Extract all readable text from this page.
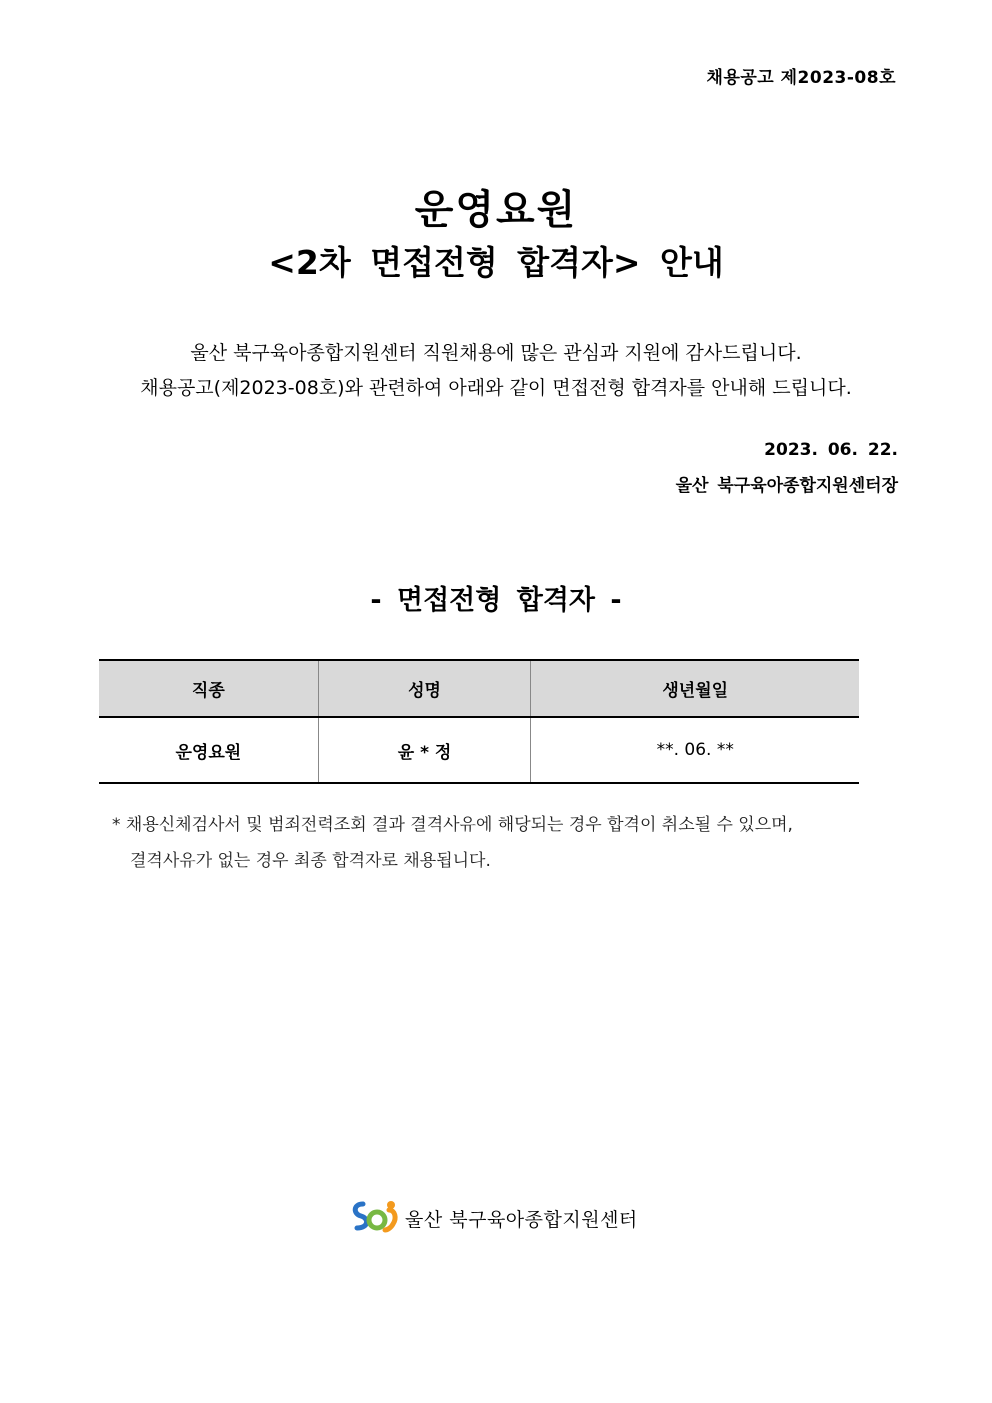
채용공고 제2023-08호
운영요원
<2차 면접전형 합격자> 안내
울산 북구육아종합지원센터 직원채용에 많은 관심과 지원에 감사드립니다.
채용공고(제2023-08호)와 관련하여 아래와 같이 면접전형 합격자를 안내해 드립니다.
2023. 06. 22.
울산 북구육아종합지원센터장
- 면접전형 합격자 -
직종	성명	생년월일
운영요원	윤 * 정	**. 06. **
* 채용신체검사서 및 범죄전력조회 결과 결격사유에 해당되는 경우 합격이 취소될 수 있으며,
결격사유가 없는 경우 최종 합격자로 채용됩니다.
울산 북구육아종합지원센터
